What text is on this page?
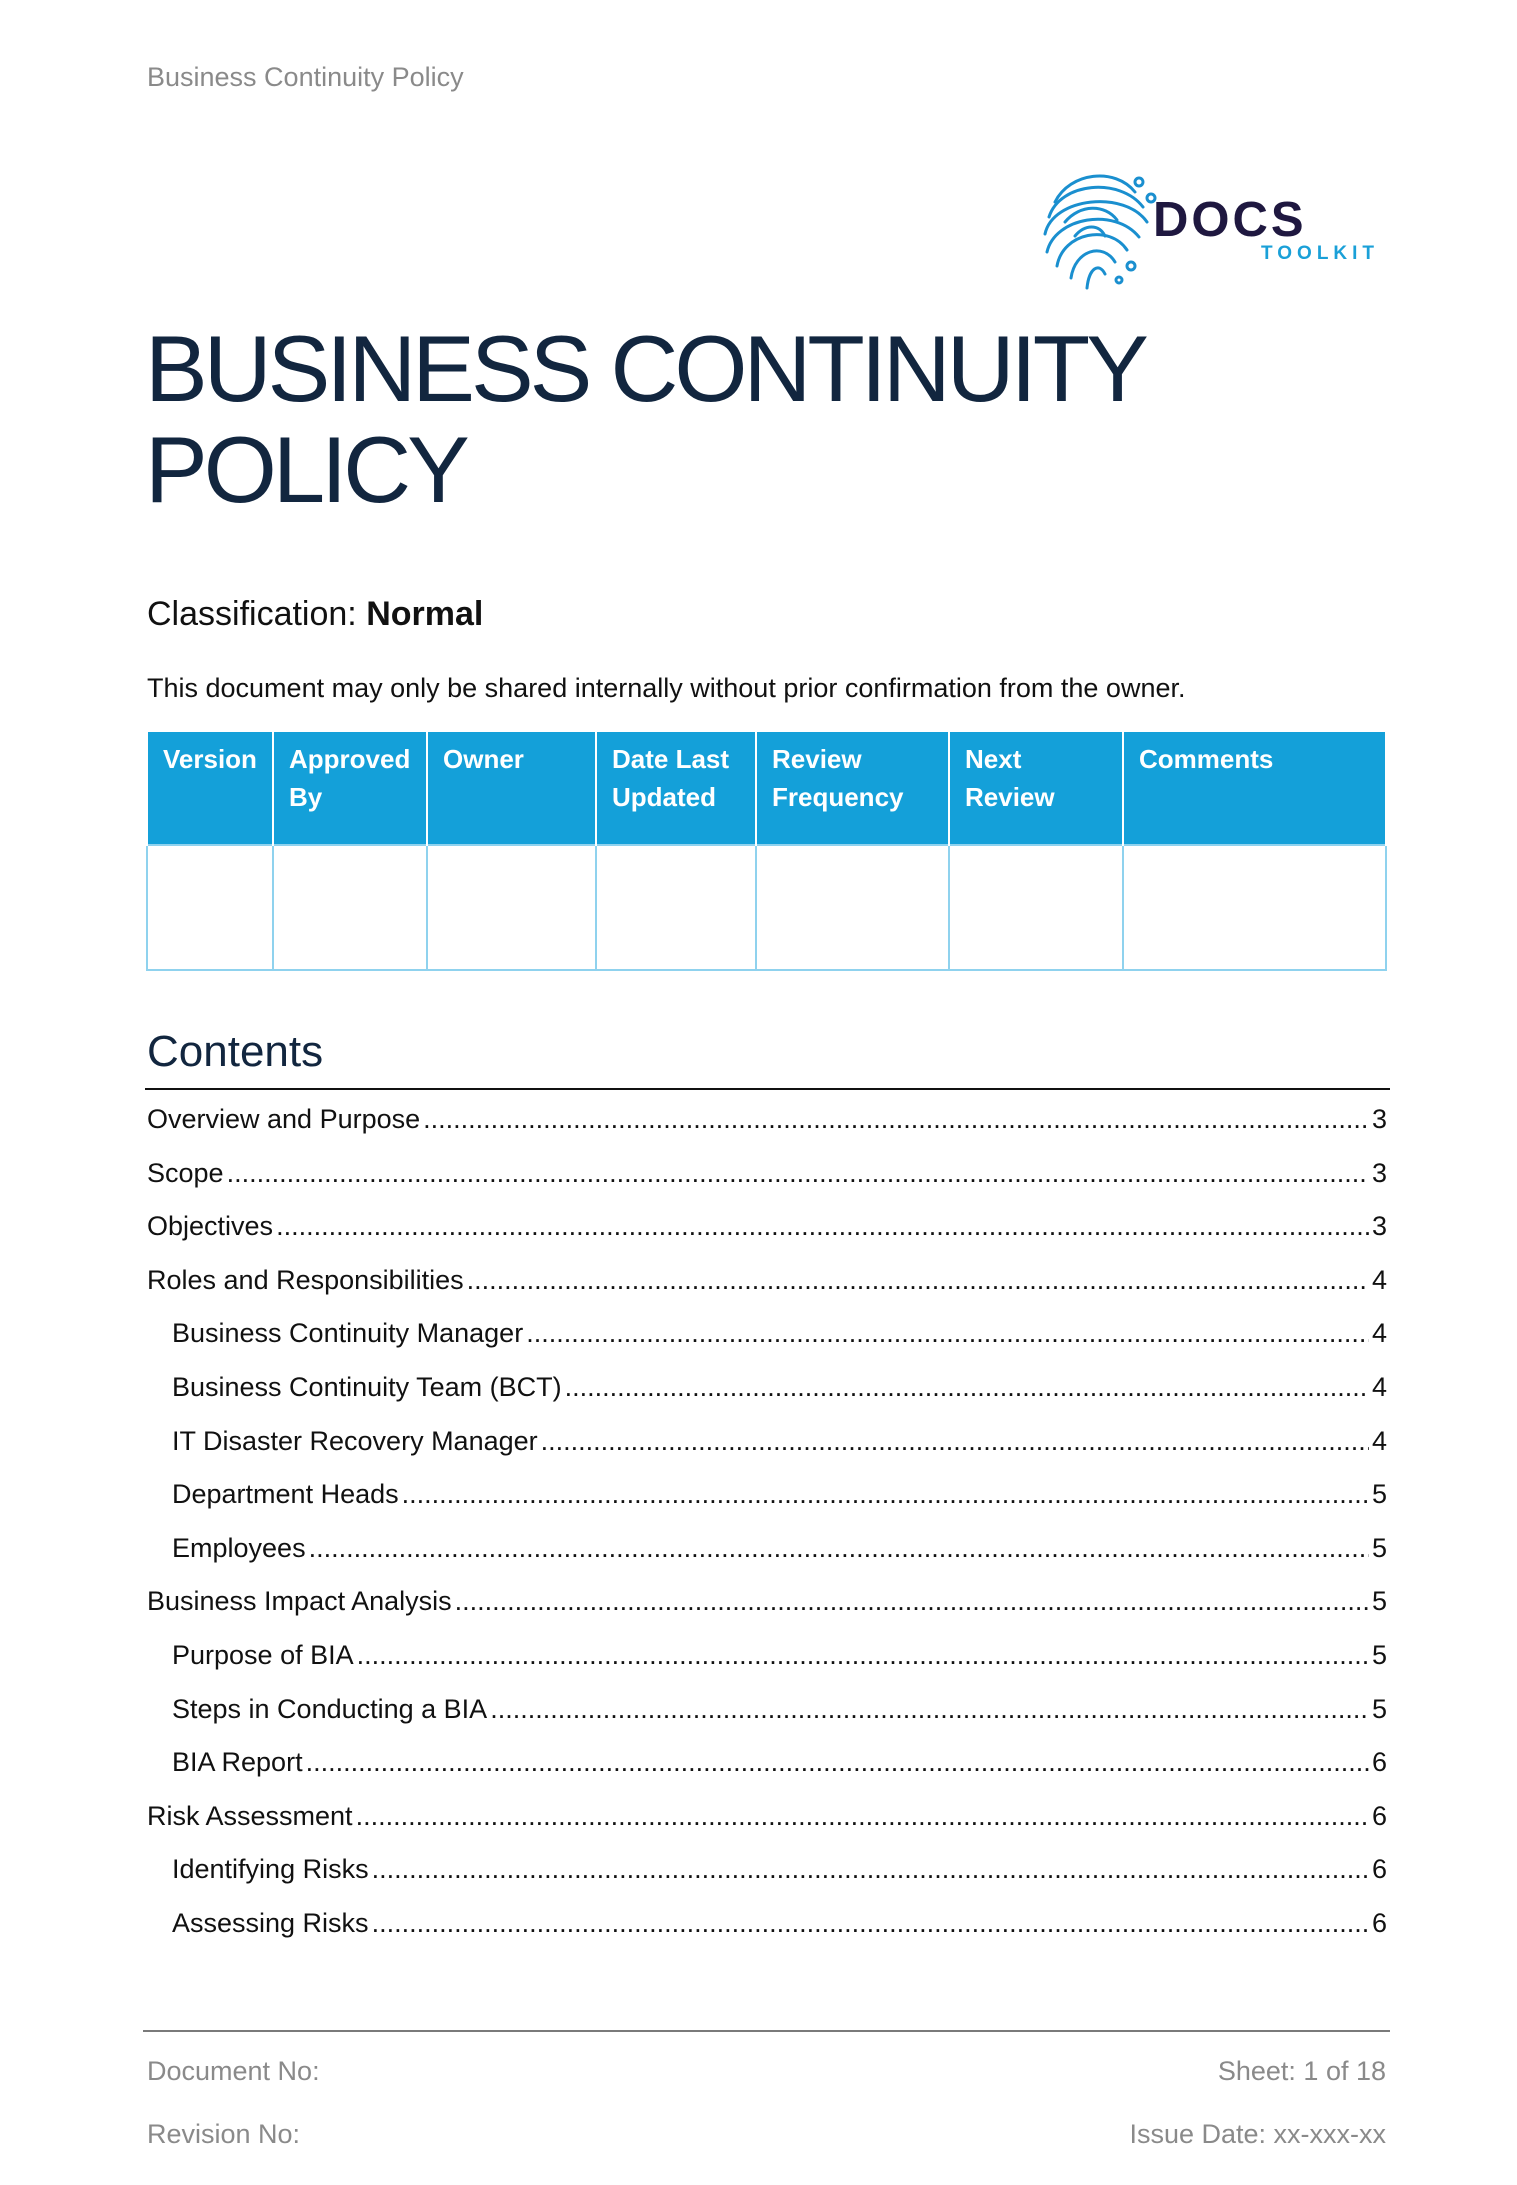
Business Continuity Policy
DOCS
TOOLKIT
BUSINESS CONTINUITY
POLICY
Classification: Normal
This document may only be shared internally without prior confirmation from the owner.
Version	Approved By	Owner	Date Last Updated	Review Frequency	Next Review	Comments

Contents
Overview and Purpose .....	3
Scope .....	3
Objectives .....	3
Roles and Responsibilities .....	4
Business Continuity Manager .....	4
Business Continuity Team (BCT) .....	4
IT Disaster Recovery Manager .....	4
Department Heads .....	5
Employees .....	5
Business Impact Analysis .....	5
Purpose of BIA .....	5
Steps in Conducting a BIA .....	5
BIA Report .....	6
Risk Assessment .....	6
Identifying Risks .....	6
Assessing Risks .....	6
Document No:
Revision No:
Sheet: 1 of 18
Issue Date: xx-xxx-xx
